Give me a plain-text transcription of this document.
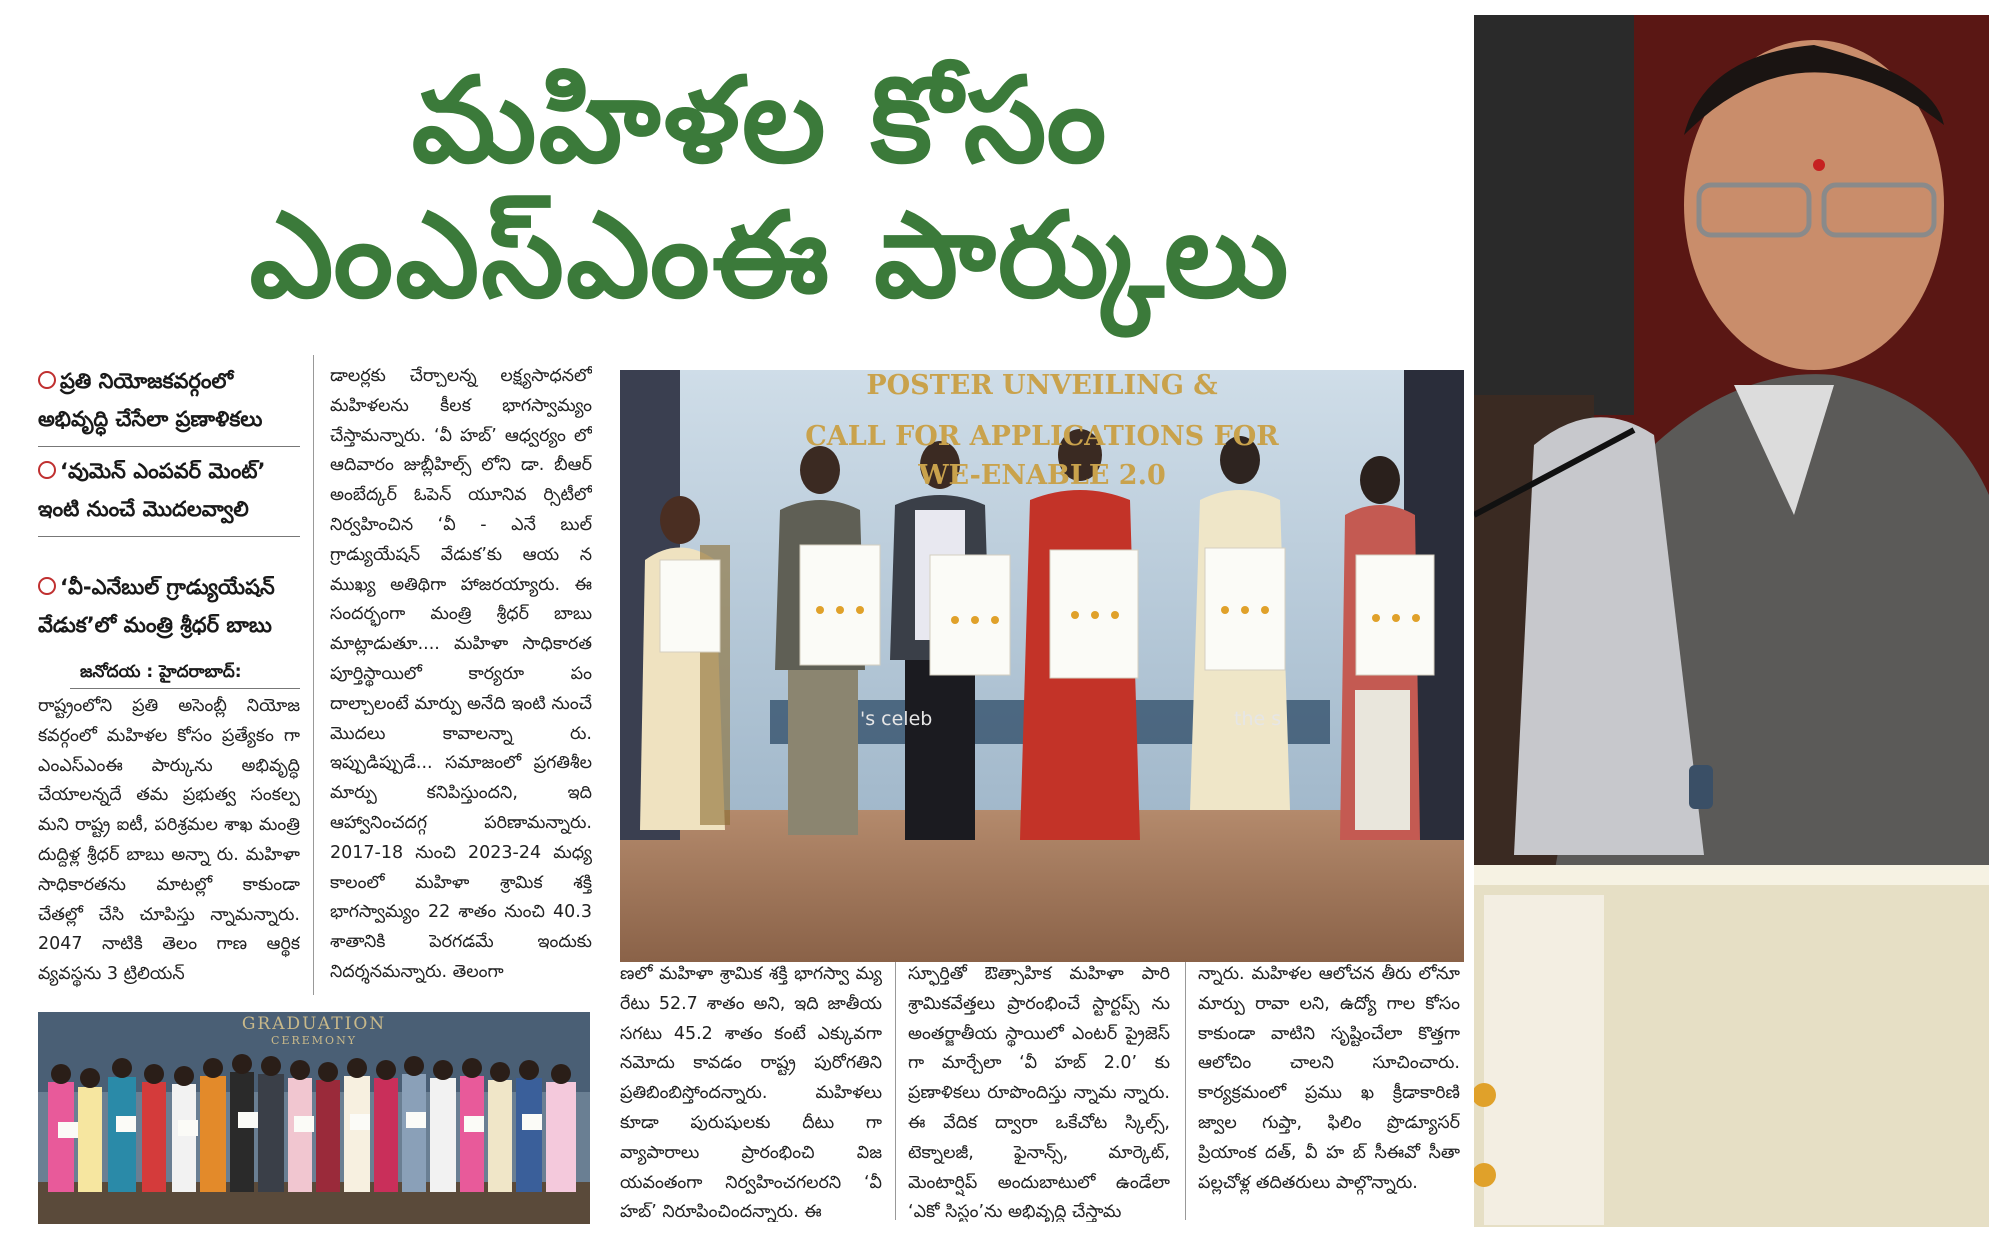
మహిళల కోసం
ఎంఎస్ఎంఈ పార్కులు
ప్రతి నియోజకవర్గంలో
అభివృద్ధి చేసేలా ప్రణాళికలు
‘వుమెన్ ఎంపవర్ మెంట్’
ఇంటి నుంచే మొదలవ్వాలి
‘వీ-ఎనేబుల్ గ్రాడ్యుయేషన్
వేడుక’లో మంత్రి శ్రీధర్ బాబు
జనోదయ : హైదరాబాద్:

రాష్ట్రంలోని ప్రతి అసెంబ్లీ నియోజ కవర్గంలో మహిళల కోసం ప్రత్యేకం గా ఎంఎస్ఎంఈ పార్కును అభివృద్ధి చేయాలన్నదే తమ ప్రభుత్వ సంకల్ప మని రాష్ట్ర ఐటీ, పరిశ్రమల శాఖ మంత్రి దుద్దిళ్ల శ్రీధర్ బాబు అన్నా రు. మహిళా సాధికారతను మాటల్లో కాకుండా చేతల్లో చేసి చూపిస్తు న్నామన్నారు. 2047 నాటికి తెలం గాణ ఆర్థిక వ్యవస్థను 3 ట్రిలియన్

డాలర్లకు చేర్చాలన్న లక్ష్యసాధనలో మహిళలను కీలక భాగస్వామ్యం చేస్తామన్నారు. ‘వీ హబ్’ ఆధ్వర్యం లో ఆదివారం జుబ్లీహిల్స్ లోని డా. బీఆర్ అంబేద్కర్ ఓపెన్ యూనివ ర్సిటీలో నిర్వహించిన ‘వీ - ఎనే బుల్ గ్రాడ్యుయేషన్ వేడుక’కు ఆయ న ముఖ్య అతిథిగా హాజరయ్యారు. ఈ సందర్భంగా మంత్రి శ్రీధర్ బాబు మాట్లాడుతూ.... మహిళా సాధికారత పూర్తిస్థాయిలో కార్యరూ పం దాల్చాలంటే మార్పు అనేది ఇంటి నుంచే మొదలు కావాలన్నా రు. ఇప్పుడిప్పుడే... సమాజంలో ప్రగతిశీల మార్పు కనిపిస్తుందని, ఇది ఆహ్వానించదగ్గ పరిణామన్నారు. 2017-18 నుంచి 2023-24 మధ్య కాలంలో మహిళా శ్రామిక శక్తి భాగస్వామ్యం 22 శాతం నుంచి 40.3 శాతానికి పెరగడమే ఇందుకు నిదర్శనమన్నారు. తెలంగా

POSTER UNVEILING &
CALL FOR APPLICATIONS FOR
WE-ENABLE 2.0
's celeb	the s
GRADUATION
CEREMONY

ణలో మహిళా శ్రామిక శక్తి భాగస్వా మ్య రేటు 52.7 శాతం అని, ఇది జాతీయ సగటు 45.2 శాతం కంటే ఎక్కువగా నమోదు కావడం రాష్ట్ర పురోగతిని ప్రతిబింబిస్తోందన్నారు. మహిళలు కూడా పురుషులకు దీటు గా వ్యాపారాలు ప్రారంభించి విజ యవంతంగా నిర్వహించగలరని ‘వీ హబ్’ నిరూపించిందన్నారు. ఈ

స్ఫూర్తితో ఔత్సాహిక మహిళా పారి శ్రామికవేత్తలు ప్రారంభించే స్టార్టప్స్ ను అంతర్జాతీయ స్థాయిలో ఎంటర్ ప్రైజెస్ గా మార్చేలా ‘వీ హబ్ 2.0’ కు ప్రణాళికలు రూపొందిస్తు న్నామ న్నారు. ఈ వేదిక ద్వారా ఒకేచోట స్కిల్స్, టెక్నాలజీ, ఫైనాన్స్, మార్కెట్, మెంటార్షిప్ అందుబాటులో ఉండేలా ‘ఎకో సిస్టం’ను అభివృద్ధి చేస్తామ

న్నారు. మహిళల ఆలోచన తీరు లోనూ మార్పు రావా లని, ఉద్యో గాల కోసం కాకుండా వాటిని సృష్టించేలా కొత్తగా ఆలోచిం చాలని సూచించారు. కార్యక్రమంలో ప్రము ఖ క్రీడాకారిణి జ్వాల గుప్తా, ఫిలిం ప్రొడ్యూసర్ ప్రియాంక దత్, వీ హ బ్ సీఈవో సీతా పల్లచోళ్ల తదితరులు పాల్గొన్నారు.
